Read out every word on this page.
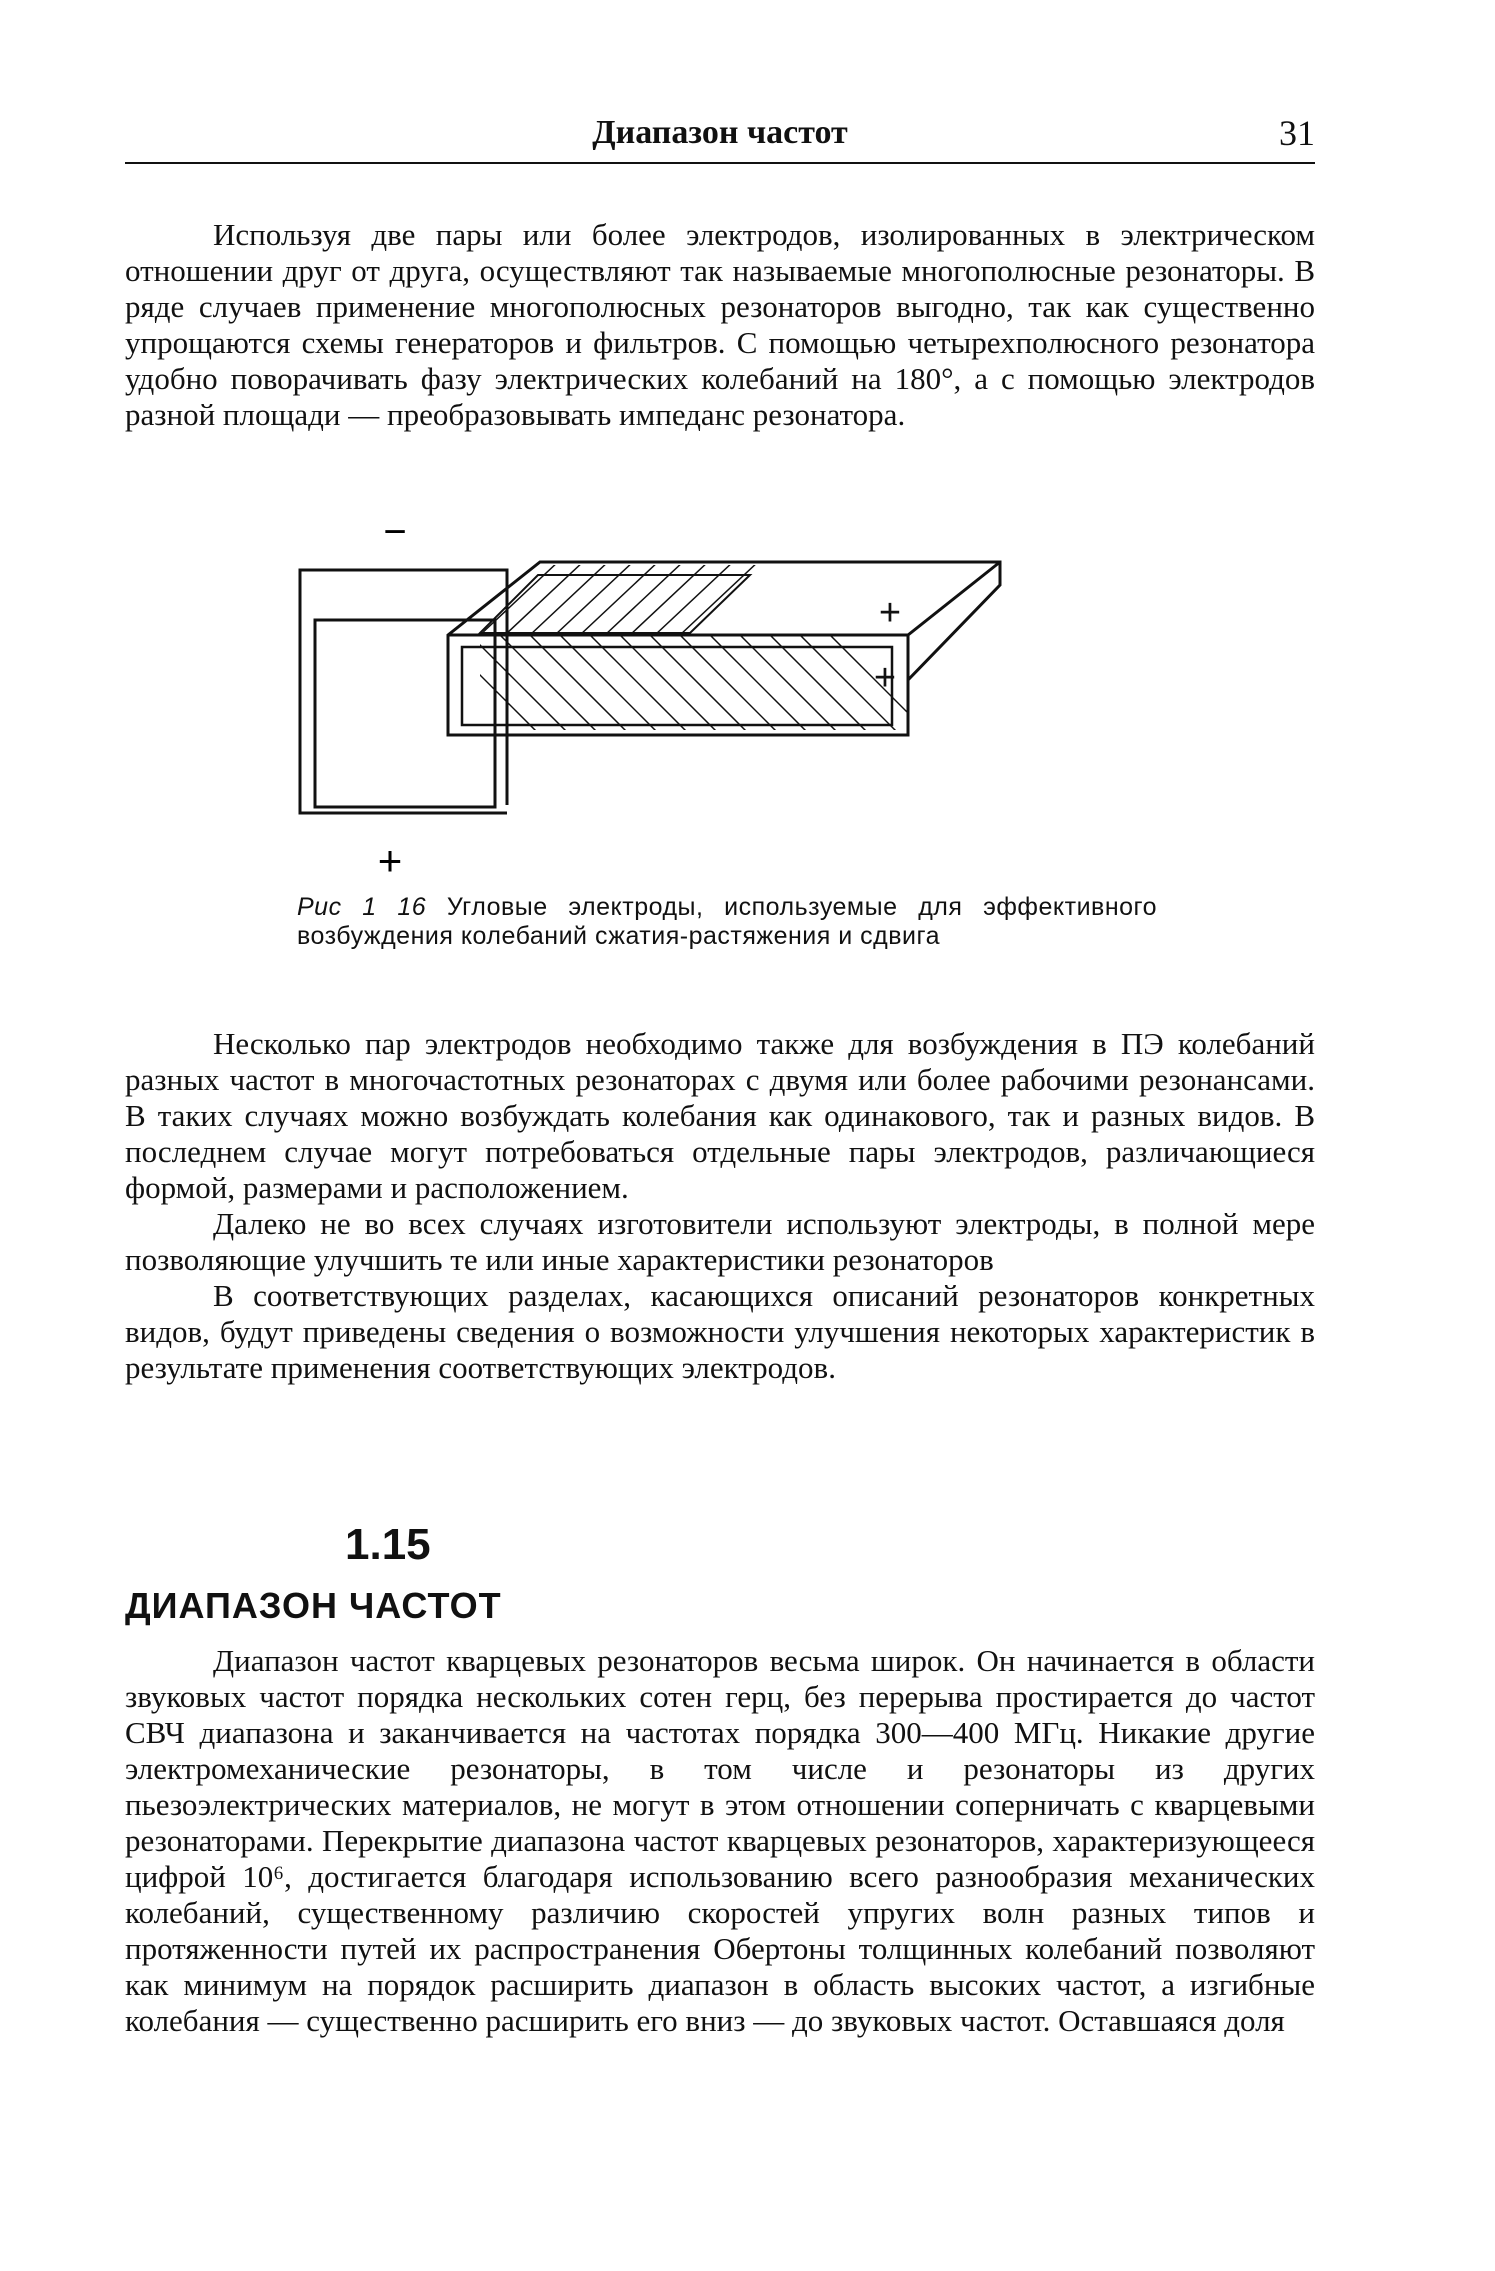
Диапазон частот	31

Используя две пары или более электродов, изолированных в электрическом отношении друг от друга, осуществляют так называемые многополюсные резонаторы. В ряде случаев применение многополюсных резонаторов выгодно, так как существенно упрощаются схемы генераторов и фильтров. С помощью четырехполюсного резонатора удобно поворачивать фазу электрических колебаний на 180°, а с помощью электродов разной площади — преобразовывать импеданс резонатора.

−
+
+
+
Рис 1 16 Угловые электроды, используемые для эффективного возбуждения колебаний сжатия-растяжения и сдвига

Несколько пар электродов необходимо также для возбуждения в ПЭ колебаний разных частот в многочастотных резонаторах с двумя или более рабочими резонансами. В таких случаях можно возбуждать колебания как одинакового, так и разных видов. В последнем случае могут потребоваться отдельные пары электродов, различающиеся формой, размерами и расположением.

Далеко не во всех случаях изготовители используют электроды, в полной мере позволяющие улучшить те или иные характеристики резонаторов

В соответствующих разделах, касающихся описаний резонаторов конкретных видов, будут приведены сведения о возможности улучшения некоторых характеристик в результате применения соответствующих электродов.

1.15
ДИАПАЗОН ЧАСТОТ

Диапазон частот кварцевых резонаторов весьма широк. Он начинается в области звуковых частот порядка нескольких сотен герц, без перерыва простирается до частот СВЧ диапазона и заканчивается на частотах порядка 300—400 МГц. Никакие другие электромеханические резонаторы, в том числе и резонаторы из других пьезоэлектрических материалов, не могут в этом отношении соперничать с кварцевыми резонаторами. Перекрытие диапазона частот кварцевых резонаторов, характеризующееся цифрой 10⁶, достигается благодаря использованию всего разнообразия механических колебаний, существенному различию скоростей упругих волн разных типов и протяженности путей их распространения Обертоны толщинных колебаний позволяют как минимум на порядок расширить диапазон в область высоких частот, а изгибные колебания — существенно расширить его вниз — до звуковых частот. Оставшаяся доля
